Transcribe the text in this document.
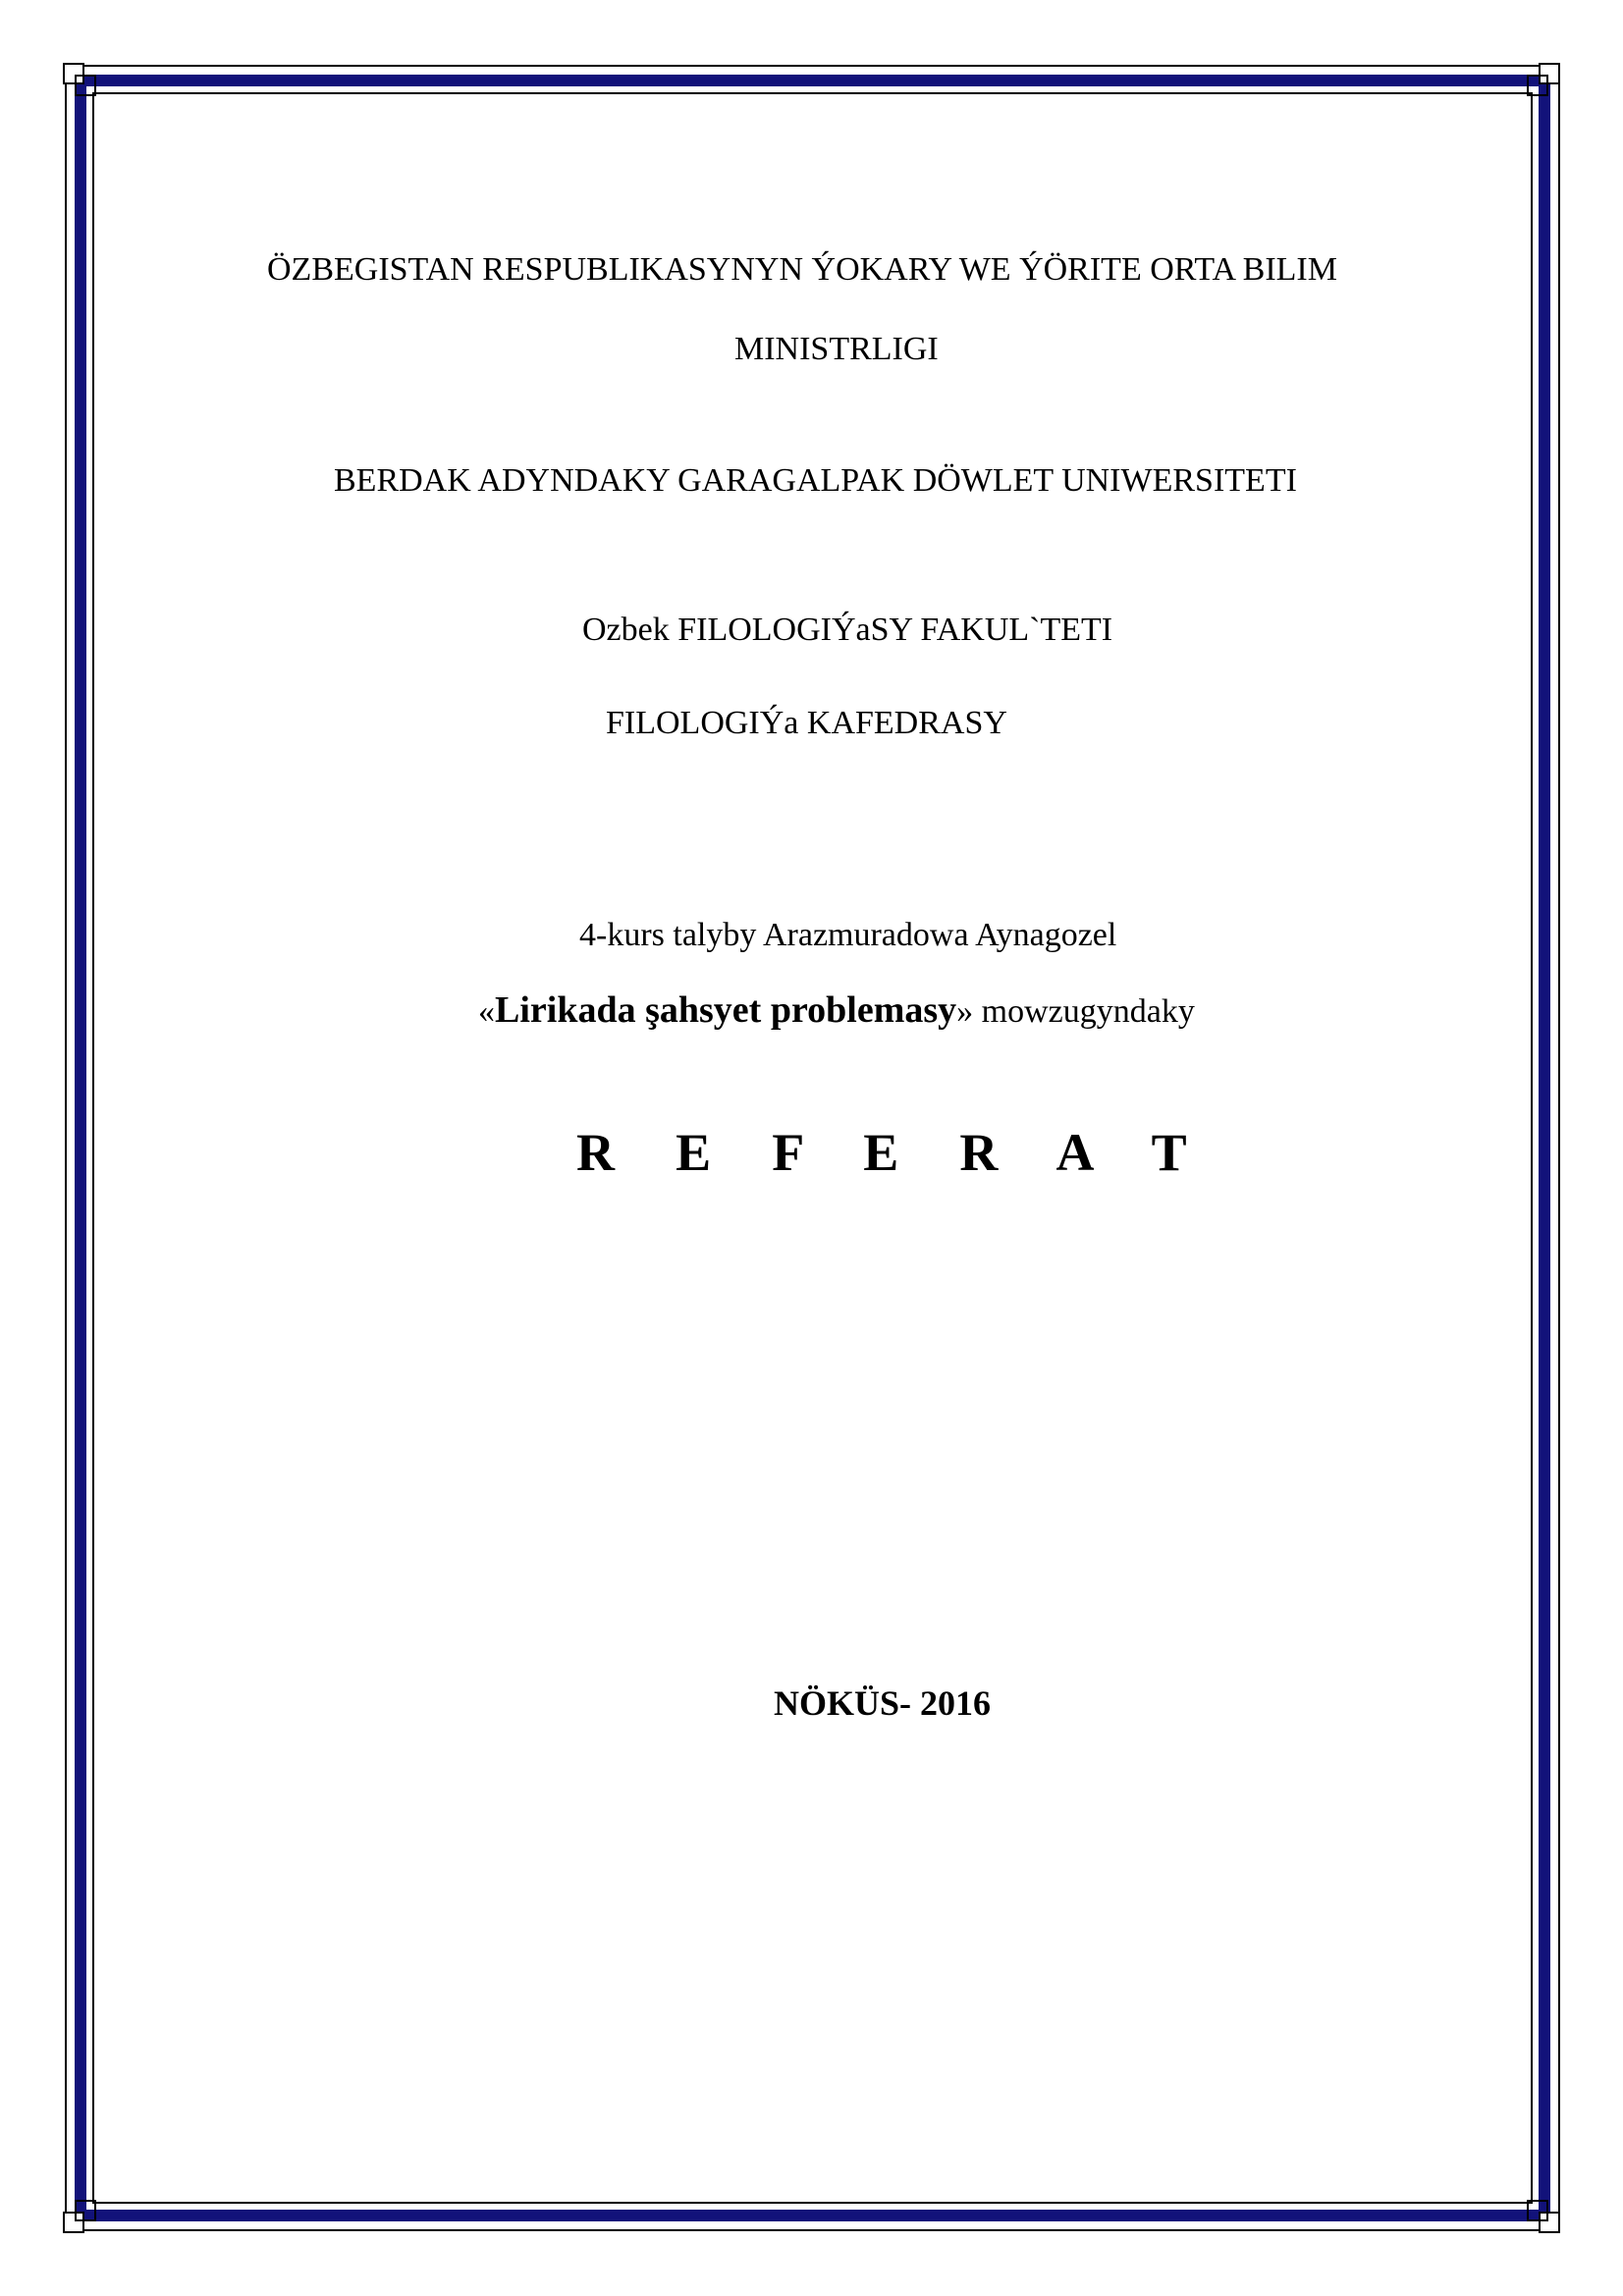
ÖZBEGISTAN RESPUBLIKASYNYN ÝOKARY WE ÝÖRITE ORTA BILIM
MINISTRLIGI
BERDAK ADYNDAKY GARAGALPAK DÖWLET UNIWERSITETI
Ozbek FILOLOGIÝaSY FAKUL`TETI
FILOLOGIÝa KAFEDRASY
4-kurs talyby Arazmuradowa Aynagozel
«Lirikada şahsyet problemasy» mowzugyndaky
R E F E R A T
NÖKÜS- 2016
